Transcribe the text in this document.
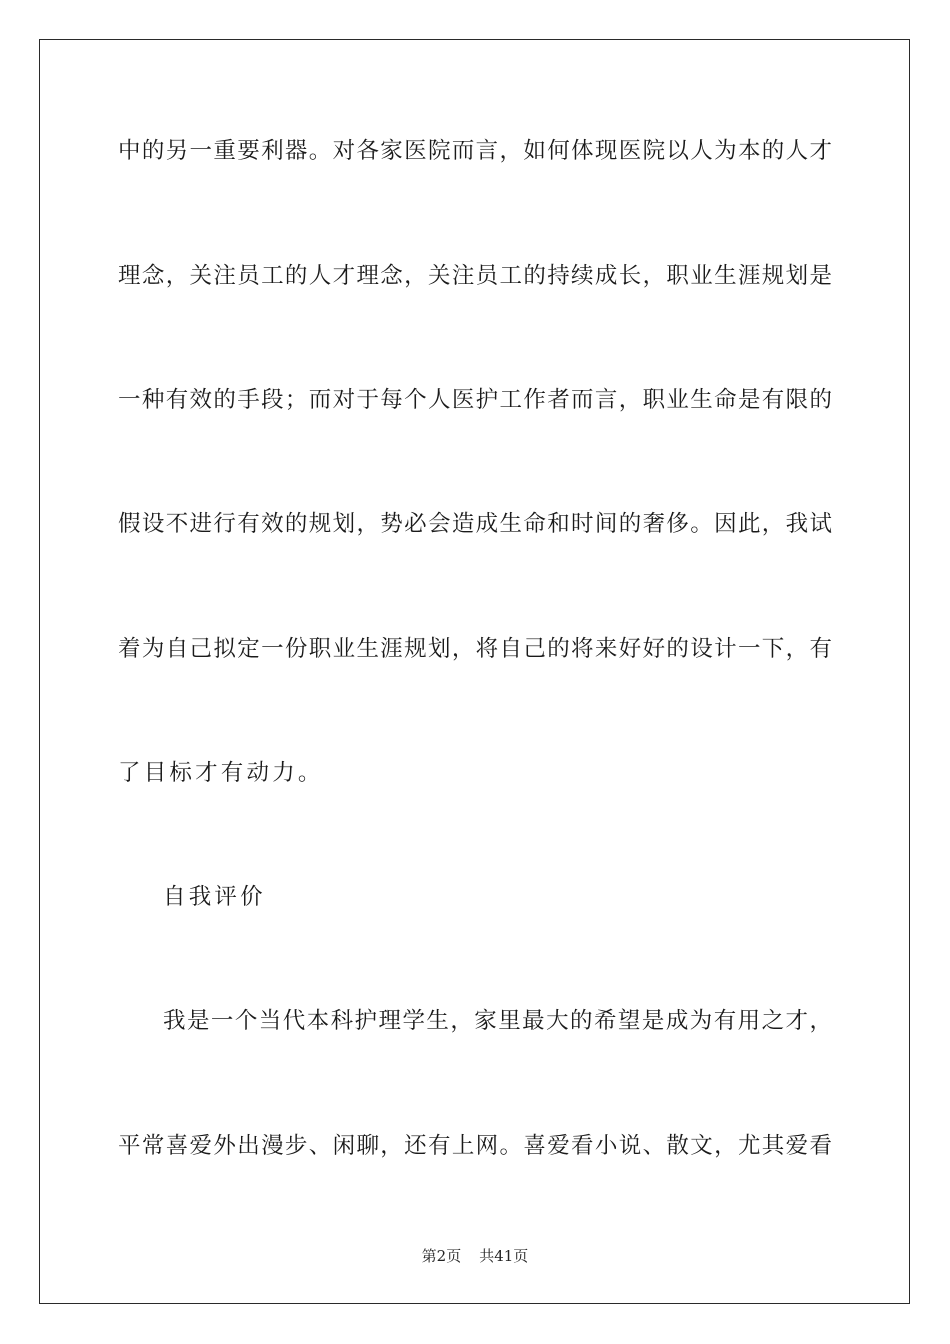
中的另一重要利器。对各家医院而言，如何体现医院以人为本的人才
理念，关注员工的人才理念，关注员工的持续成长，职业生涯规划是
一种有效的手段；而对于每个人医护工作者而言，职业生命是有限的
假设不进行有效的规划，势必会造成生命和时间的奢侈。因此，我试
着为自己拟定一份职业生涯规划，将自己的将来好好的设计一下，有
了目标才有动力。
自我评价
我是一个当代本科护理学生，家里最大的希望是成为有用之才，
平常喜爱外出漫步、闲聊，还有上网。喜爱看小说、散文，尤其爱看
第2页 共41页
